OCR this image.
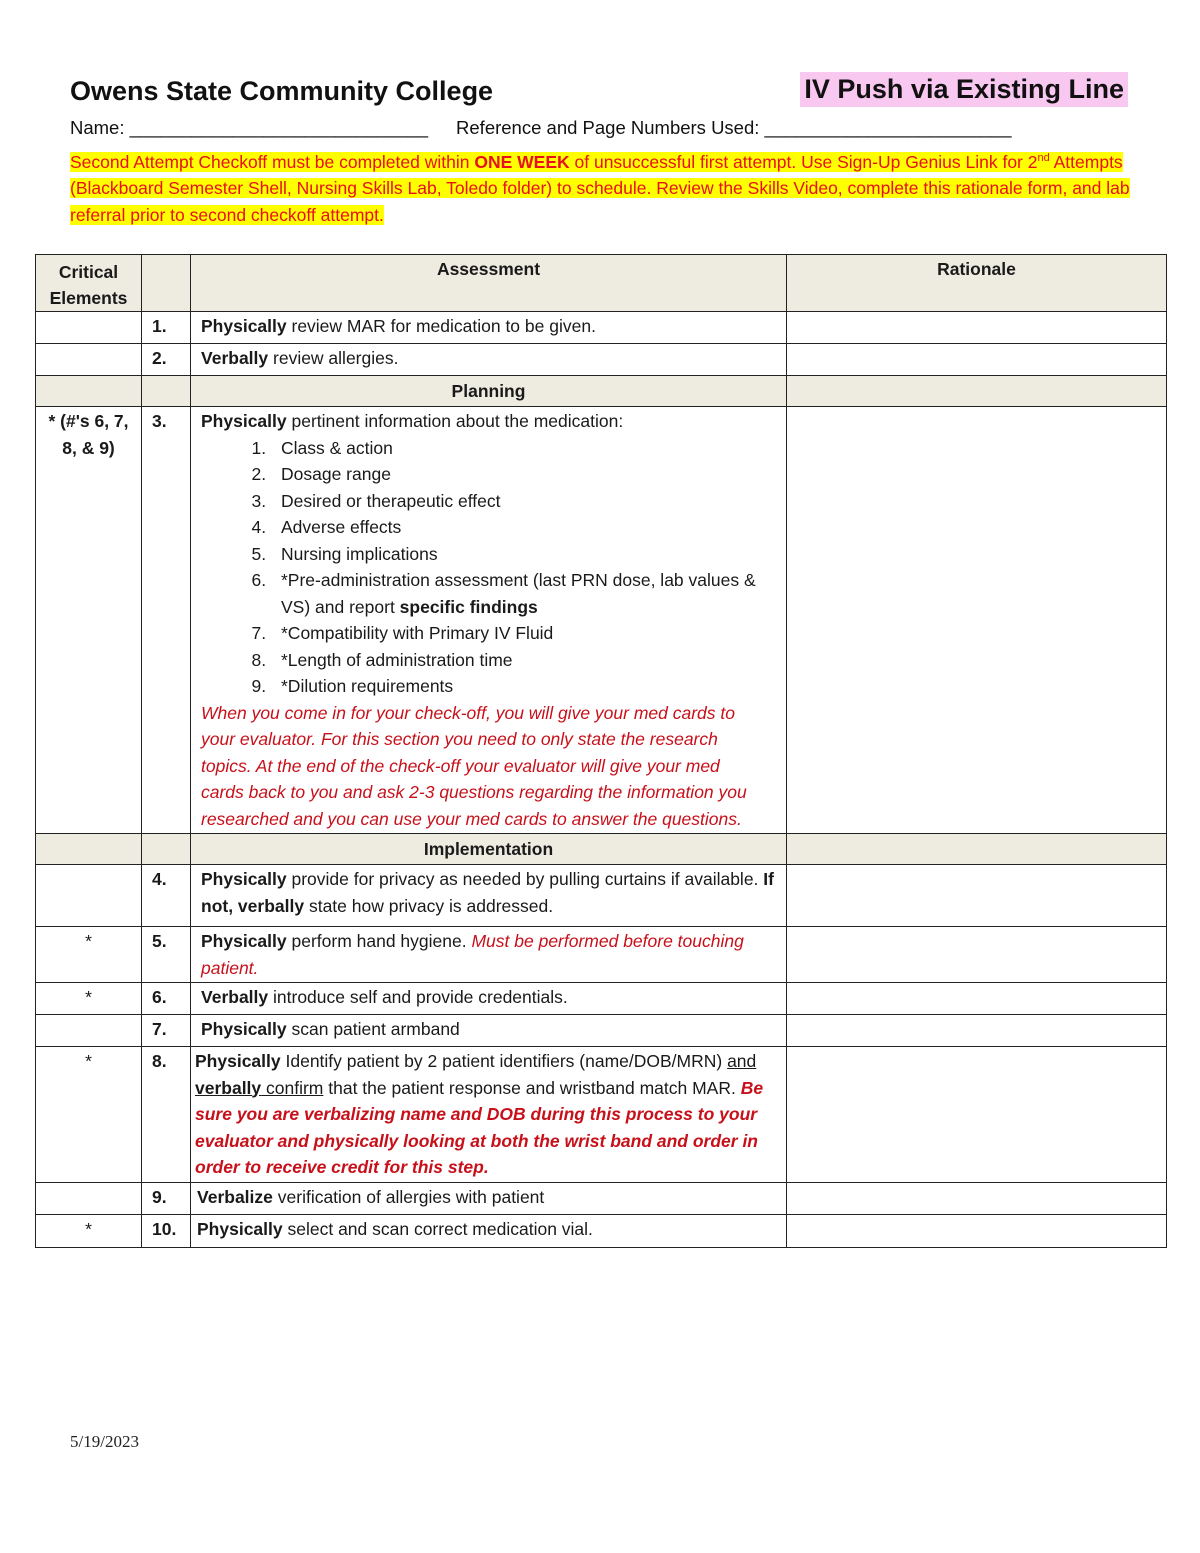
Owens State Community College	IV Push via Existing Line
Name: _____________________________ Reference and Page Numbers Used: ________________________
Second Attempt Checkoff must be completed within ONE WEEK of unsuccessful first attempt. Use Sign-Up Genius Link for 2nd Attempts (Blackboard Semester Shell, Nursing Skills Lab, Toledo folder) to schedule. Review the Skills Video, complete this rationale form, and lab referral prior to second checkoff attempt.
Critical
Elements		Assessment	Rationale
	1.	Physically review MAR for medication to be given.	
	2.	Verbally review allergies.	
		Planning	
* (#'s 6, 7, 8, & 9)	3.	Physically pertinent information about the medication:
1. Class & action
2. Dosage range
3. Desired or therapeutic effect
4. Adverse effects
5. Nursing implications
6. *Pre-administration assessment (last PRN dose, lab values & VS) and report specific findings
7. *Compatibility with Primary IV Fluid
8. *Length of administration time
9. *Dilution requirements
When you come in for your check-off, you will give your med cards to your evaluator. For this section you need to only state the research topics. At the end of the check-off your evaluator will give your med cards back to you and ask 2-3 questions regarding the information you researched and you can use your med cards to answer the questions.

		Implementation	
	4.	Physically provide for privacy as needed by pulling curtains if available. If not, verbally state how privacy is addressed.	
*	5.	Physically perform hand hygiene. Must be performed before touching patient.	
*	6.	Verbally introduce self and provide credentials.	
	7.	Physically scan patient armband	
*	8.	Physically Identify patient by 2 patient identifiers (name/DOB/MRN) and verbally confirm that the patient response and wristband match MAR. Be sure you are verbalizing name and DOB during this process to your evaluator and physically looking at both the wrist band and order in order to receive credit for this step.	
	9.	Verbalize verification of allergies with patient	
*	10.	Physically select and scan correct medication vial.	
5/19/2023
